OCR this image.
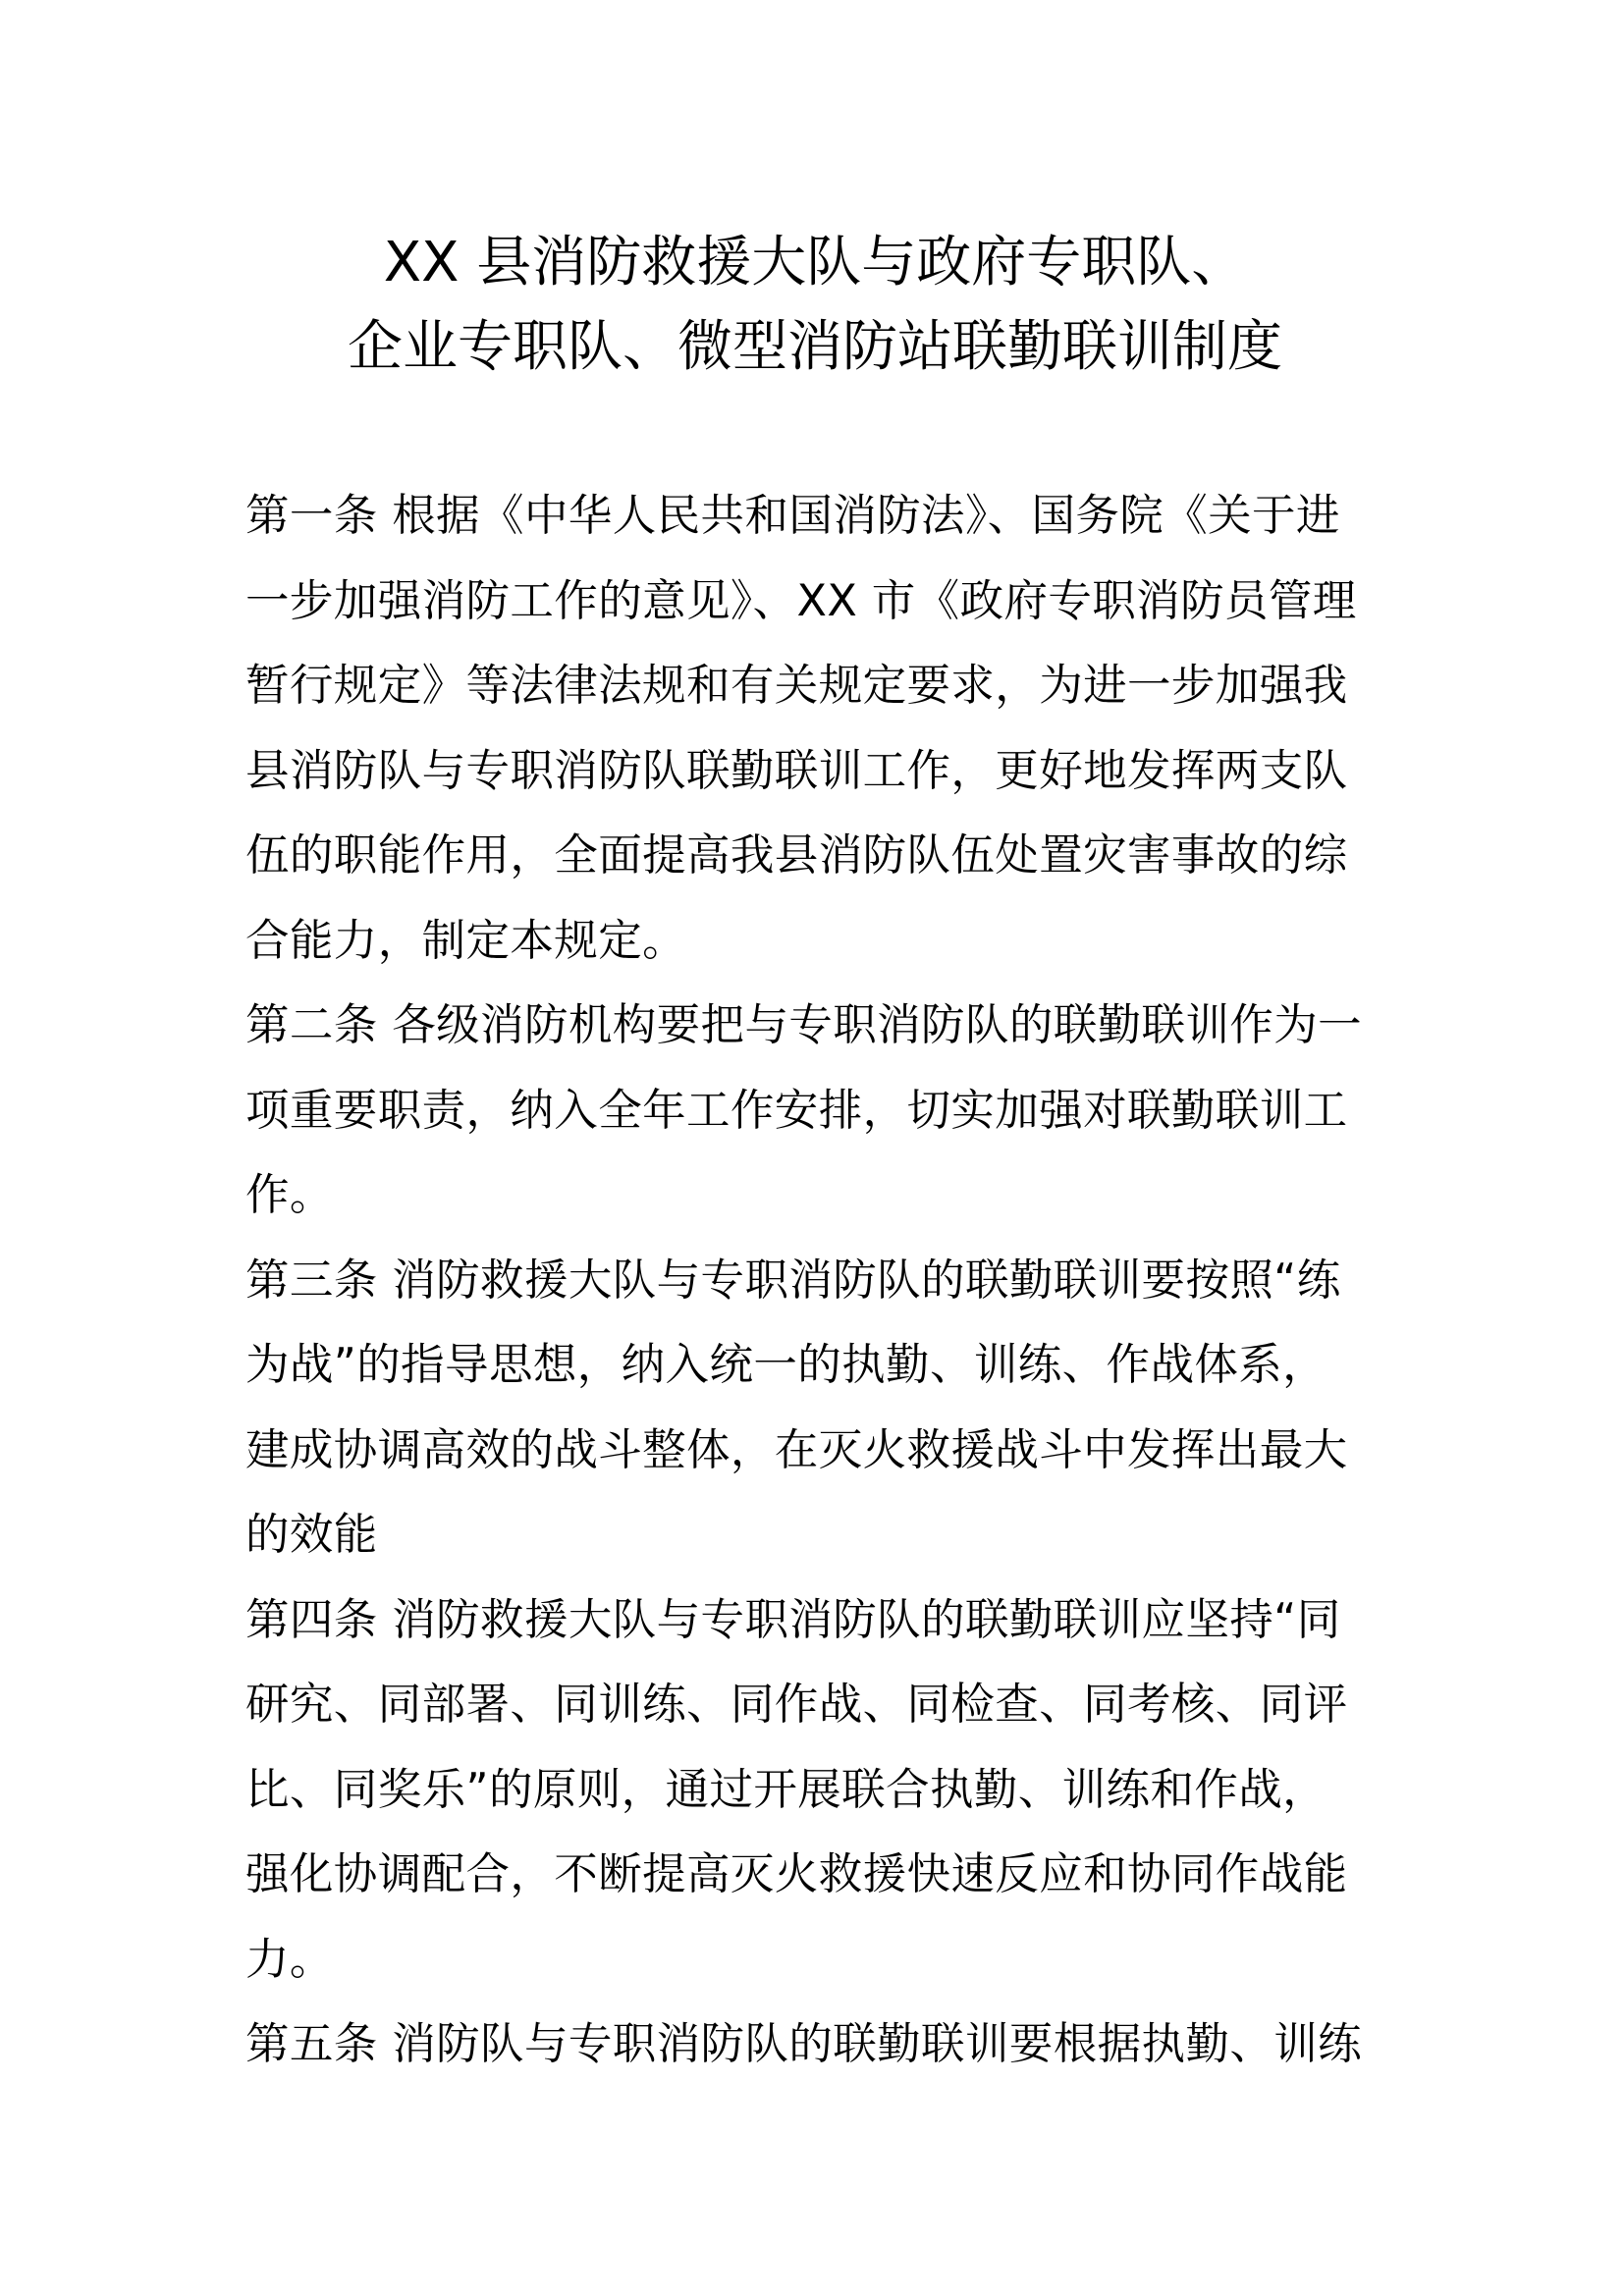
XX 县消防救援大队与政府专职队、
企业专职队、微型消防站联勤联训制度
第一条 根据《中华人民共和国消防法》、国务院《关于进
一步加强消防工作的意见》、XX 市《政府专职消防员管理
暂行规定》等法律法规和有关规定要求，为进一步加强我
县消防队与专职消防队联勤联训工作，更好地发挥两支队
伍的职能作用，全面提高我县消防队伍处置灾害事故的综
合能力，制定本规定。
第二条 各级消防机构要把与专职消防队的联勤联训作为一
项重要职责，纳入全年工作安排，切实加强对联勤联训工
作。
第三条 消防救援大队与专职消防队的联勤联训要按照“练
为战”的指导思想，纳入统一的执勤、训练、作战体系，
建成协调高效的战斗整体，在灭火救援战斗中发挥出最大
的效能
第四条 消防救援大队与专职消防队的联勤联训应坚持“同
研究、同部署、同训练、同作战、同检查、同考核、同评
比、同奖乐”的原则，通过开展联合执勤、训练和作战，
强化协调配合，不断提高灭火救援快速反应和协同作战能
力。
第五条 消防队与专职消防队的联勤联训要根据执勤、训练
